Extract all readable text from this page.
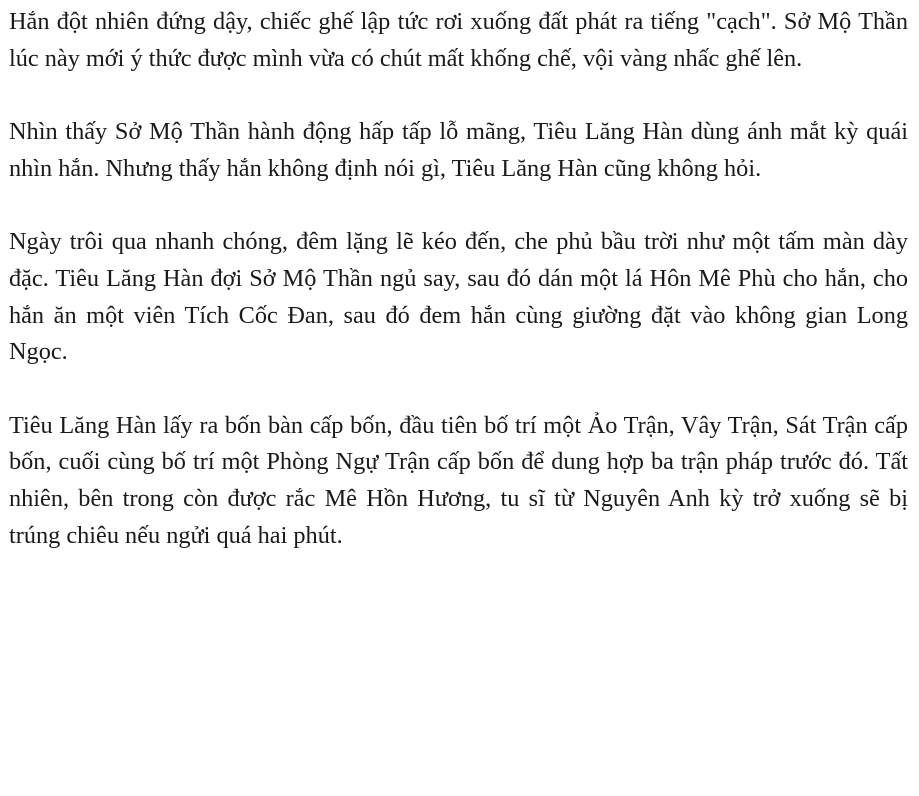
Hắn đột nhiên đứng dậy, chiếc ghế lập tức rơi xuống đất phát ra tiếng "cạch". Sở Mộ Thần lúc này mới ý thức được mình vừa có chút mất khống chế, vội vàng nhấc ghế lên.

Nhìn thấy Sở Mộ Thần hành động hấp tấp lỗ mãng, Tiêu Lăng Hàn dùng ánh mắt kỳ quái nhìn hắn. Nhưng thấy hắn không định nói gì, Tiêu Lăng Hàn cũng không hỏi.

Ngày trôi qua nhanh chóng, đêm lặng lẽ kéo đến, che phủ bầu trời như một tấm màn dày đặc. Tiêu Lăng Hàn đợi Sở Mộ Thần ngủ say, sau đó dán một lá Hôn Mê Phù cho hắn, cho hắn ăn một viên Tích Cốc Đan, sau đó đem hắn cùng giường đặt vào không gian Long Ngọc.

Tiêu Lăng Hàn lấy ra bốn bàn cấp bốn, đầu tiên bố trí một Ảo Trận, Vây Trận, Sát Trận cấp bốn, cuối cùng bố trí một Phòng Ngự Trận cấp bốn để dung hợp ba trận pháp trước đó. Tất nhiên, bên trong còn được rắc Mê Hồn Hương, tu sĩ từ Nguyên Anh kỳ trở xuống sẽ bị trúng chiêu nếu ngửi quá hai phút.
